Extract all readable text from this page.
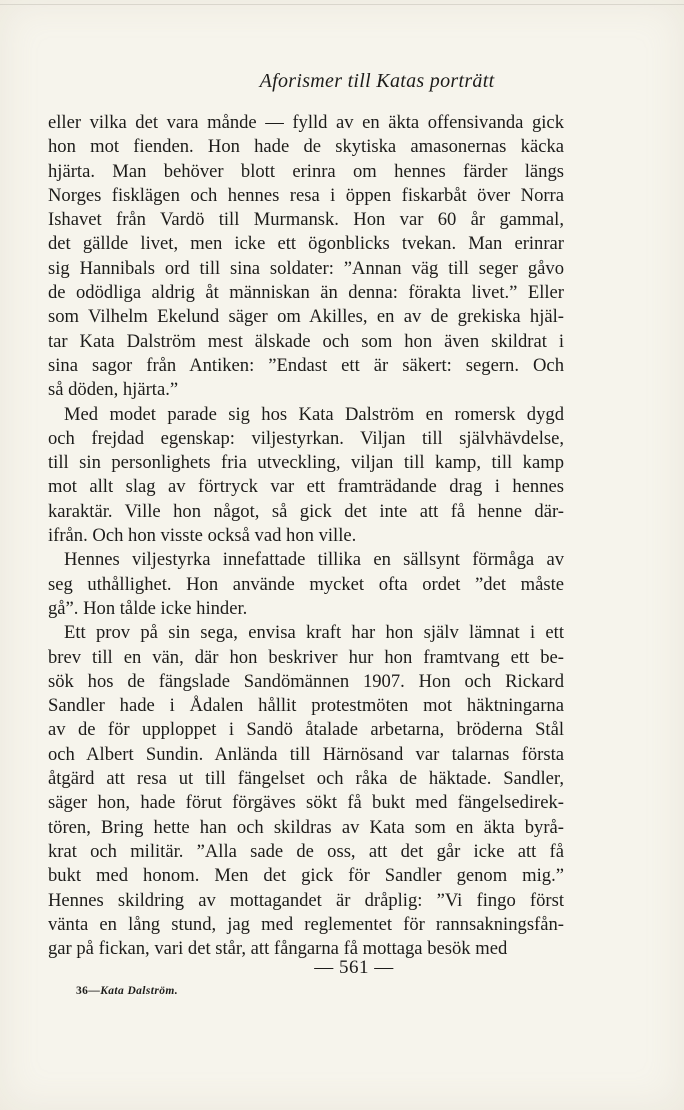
Aforismer till Katas porträtt
eller vilka det vara månde — fylld av en äkta offensivanda gick
hon mot fienden. Hon hade de skytiska amasonernas käcka
hjärta. Man behöver blott erinra om hennes färder längs
Norges fisklägen och hennes resa i öppen fiskarbåt över Norra
Ishavet från Vardö till Murmansk. Hon var 60 år gammal,
det gällde livet, men icke ett ögonblicks tvekan. Man erinrar
sig Hannibals ord till sina soldater: ”Annan väg till seger gåvo
de odödliga aldrig åt människan än denna: förakta livet.” Eller
som Vilhelm Ekelund säger om Akilles, en av de grekiska hjäl-
tar Kata Dalström mest älskade och som hon även skildrat i
sina sagor från Antiken: ”Endast ett är säkert: segern. Och
så döden, hjärta.”
Med modet parade sig hos Kata Dalström en romersk dygd
och frejdad egenskap: viljestyrkan. Viljan till självhävdelse,
till sin personlighets fria utveckling, viljan till kamp, till kamp
mot allt slag av förtryck var ett framträdande drag i hennes
karaktär. Ville hon något, så gick det inte att få henne där-
ifrån. Och hon visste också vad hon ville.
Hennes viljestyrka innefattade tillika en sällsynt förmåga av
seg uthållighet. Hon använde mycket ofta ordet ”det måste
gå”. Hon tålde icke hinder.
Ett prov på sin sega, envisa kraft har hon själv lämnat i ett
brev till en vän, där hon beskriver hur hon framtvang ett be-
sök hos de fängslade Sandömännen 1907. Hon och Rickard
Sandler hade i Ådalen hållit protestmöten mot häktningarna
av de för upploppet i Sandö åtalade arbetarna, bröderna Stål
och Albert Sundin. Anlända till Härnösand var talarnas första
åtgärd att resa ut till fängelset och råka de häktade. Sandler,
säger hon, hade förut förgäves sökt få bukt med fängelsedirek-
tören, Bring hette han och skildras av Kata som en äkta byrå-
krat och militär. ”Alla sade de oss, att det går icke att få
bukt med honom. Men det gick för Sandler genom mig.”
Hennes skildring av mottagandet är dråplig: ”Vi fingo först
vänta en lång stund, jag med reglementet för rannsakningsfån-
gar på fickan, vari det står, att fångarna få mottaga besök med
— 561 —
36—Kata Dalström.
